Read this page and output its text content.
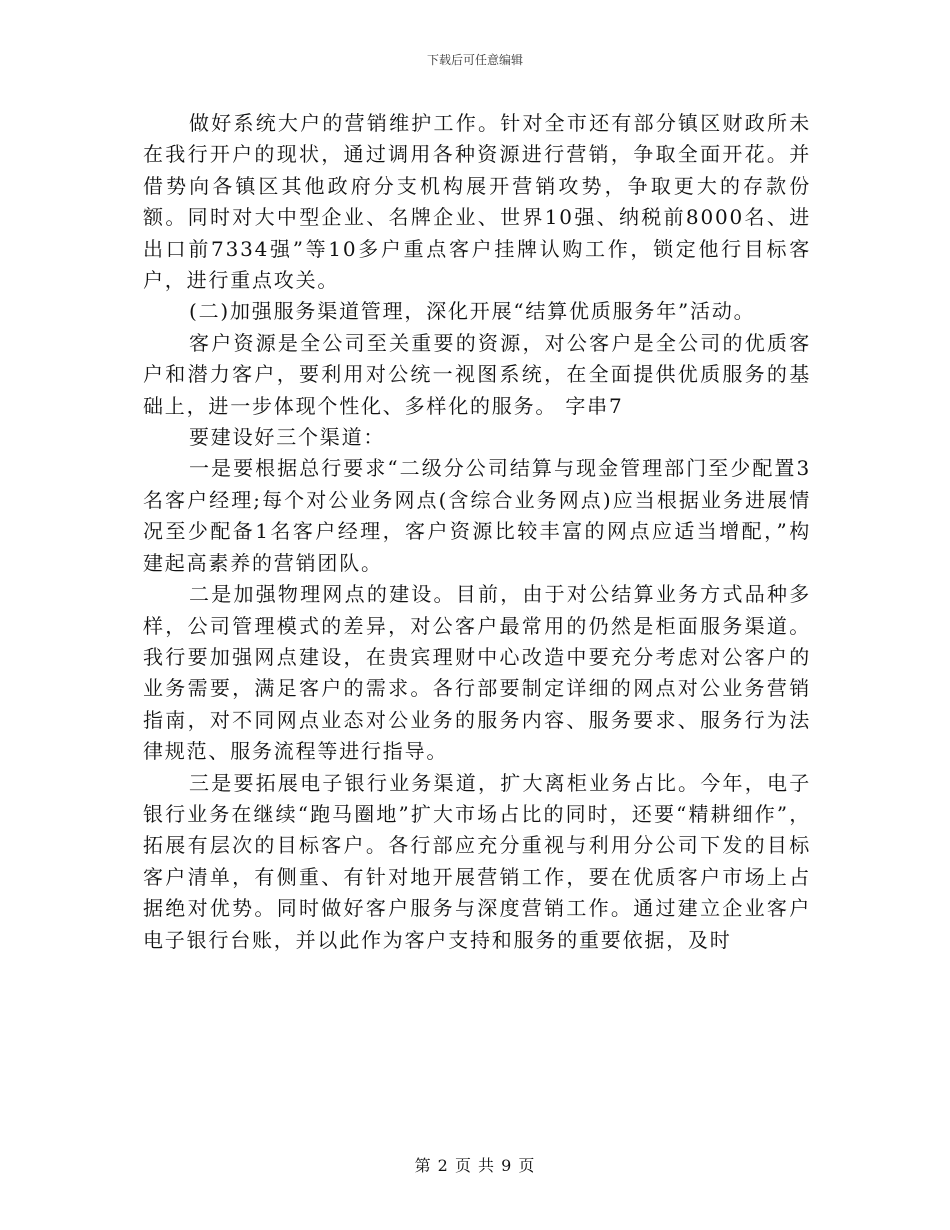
下载后可任意编辑

做好系统大户的营销维护工作。针对全市还有部分镇区财政所未在我行开户的现状，通过调用各种资源进行营销，争取全面开花。并借势向各镇区其他政府分支机构展开营销攻势，争取更大的存款份额。同时对大中型企业、名牌企业、世界10强、纳税前8000名、进出口前7334强”等10多户重点客户挂牌认购工作，锁定他行目标客户，进行重点攻关。

(二)加强服务渠道管理，深化开展“结算优质服务年”活动。

客户资源是全公司至关重要的资源，对公客户是全公司的优质客户和潜力客户，要利用对公统一视图系统，在全面提供优质服务的基础上，进一步体现个性化、多样化的服务。 字串7

要建设好三个渠道：

一是要根据总行要求“二级分公司结算与现金管理部门至少配置3名客户经理;每个对公业务网点(含综合业务网点)应当根据业务进展情况至少配备1名客户经理，客户资源比较丰富的网点应适当增配，”构建起高素养的营销团队。

二是加强物理网点的建设。目前，由于对公结算业务方式品种多样，公司管理模式的差异，对公客户最常用的仍然是柜面服务渠道。我行要加强网点建设，在贵宾理财中心改造中要充分考虑对公客户的业务需要，满足客户的需求。各行部要制定详细的网点对公业务营销指南，对不同网点业态对公业务的服务内容、服务要求、服务行为法律规范、服务流程等进行指导。

三是要拓展电子银行业务渠道，扩大离柜业务占比。今年，电子银行业务在继续“跑马圈地”扩大市场占比的同时，还要“精耕细作”，拓展有层次的目标客户。各行部应充分重视与利用分公司下发的目标客户清单，有侧重、有针对地开展营销工作，要在优质客户市场上占据绝对优势。同时做好客户服务与深度营销工作。通过建立企业客户电子银行台账，并以此作为客户支持和服务的重要依据，及时

第 2 页 共 9 页
